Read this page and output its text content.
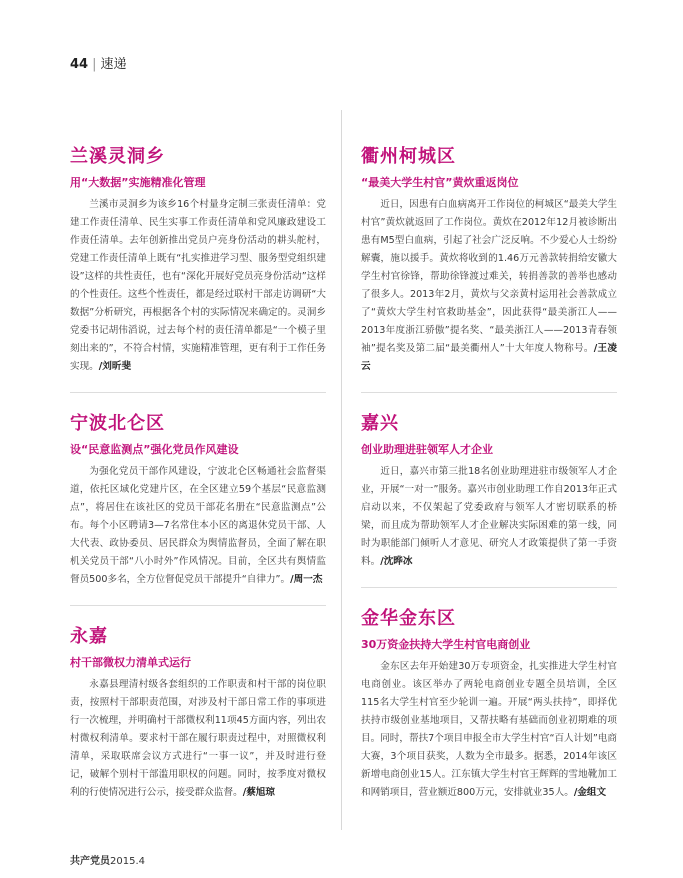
44 | 速递
兰溪灵洞乡
用“大数据”实施精准化管理

兰溪市灵洞乡为该乡16个村量身定制三张责任清单：党建工作责任清单、民生实事工作责任清单和党风廉政建设工作责任清单。去年创新推出党员户亮身份活动的耕头舵村，党建工作责任清单上既有“扎实推进学习型、服务型党组织建设”这样的共性责任，也有“深化开展好党员亮身份活动”这样的个性责任。这些个性责任，都是经过联村干部走访调研“大数据”分析研究，再根据各个村的实际情况来确定的。灵洞乡党委书记胡伟滔说，过去每个村的责任清单都是“一个模子里刻出来的”，不符合村情，实施精准管理，更有利于工作任务实现。/刘昕斐

宁波北仑区
设“民意监测点”强化党员作风建设

为强化党员干部作风建设，宁波北仑区畅通社会监督渠道，依托区域化党建片区，在全区建立59个基层“民意监测点”，将居住在该社区的党员干部花名册在“民意监测点”公布。每个小区聘请3—7名常住本小区的离退休党员干部、人大代表、政协委员、居民群众为舆情监督员，全面了解在职机关党员干部“八小时外”作风情况。目前，全区共有舆情监督员500多名，全方位督促党员干部提升“自律力”。/周一杰

永嘉
村干部微权力清单式运行

永嘉县理清村级各套组织的工作职责和村干部的岗位职责，按照村干部职责范围，对涉及村干部日常工作的事项进行一次梳理，并明确村干部微权利11项45方面内容，列出农村微权利清单。要求村干部在履行职责过程中，对照微权利清单，采取联席会议方式进行“一事一议”，并及时进行登记，破解个别村干部滥用职权的问题。同时，按季度对微权利的行使情况进行公示，接受群众监督。/蔡旭琼

衢州柯城区
“最美大学生村官”黄炊重返岗位

近日，因患有白血病离开工作岗位的柯城区“最美大学生村官”黄炊就返回了工作岗位。黄炊在2012年12月被诊断出患有M5型白血病，引起了社会广泛反响。不少爱心人士纷纷解囊，施以援手。黄炊将收到的1.46万元善款转捐给安徽大学生村官徐锋，帮助徐锋渡过难关，转捐善款的善举也感动了很多人。2013年2月，黄炊与父亲黄村运用社会善款成立了“黄炊大学生村官救助基金”，因此获得“最美浙江人——2013年度浙江骄傲”提名奖、“最美浙江人——2013青春领袖”提名奖及第二届“最美衢州人”十大年度人物称号。/王凌云

嘉兴
创业助理进驻领军人才企业

近日，嘉兴市第三批18名创业助理进驻市级领军人才企业，开展“一对一”服务。嘉兴市创业助理工作自2013年正式启动以来，不仅架起了党委政府与领军人才密切联系的桥梁，而且成为帮助领军人才企业解决实际困难的第一线，同时为职能部门倾听人才意见、研究人才政策提供了第一手资料。/沈晔冰

金华金东区
30万资金扶持大学生村官电商创业

金东区去年开始建30万专项资金，扎实推进大学生村官电商创业。该区举办了两轮电商创业专题全员培训，全区115名大学生村官至少轮训一遍。开展“两头扶持”，即择优扶持市级创业基地项目，又帮扶略有基础而创业初期难的项目。同时，帮扶7个项目申报全市大学生村官“百人计划”电商大赛，3个项目获奖，人数为全市最多。据悉，2014年该区新增电商创业15人。江东镇大学生村官王辉辉的雪地靴加工和网销项目，营业额近800万元，安排就业35人。/金组文

共产党员2015.4
